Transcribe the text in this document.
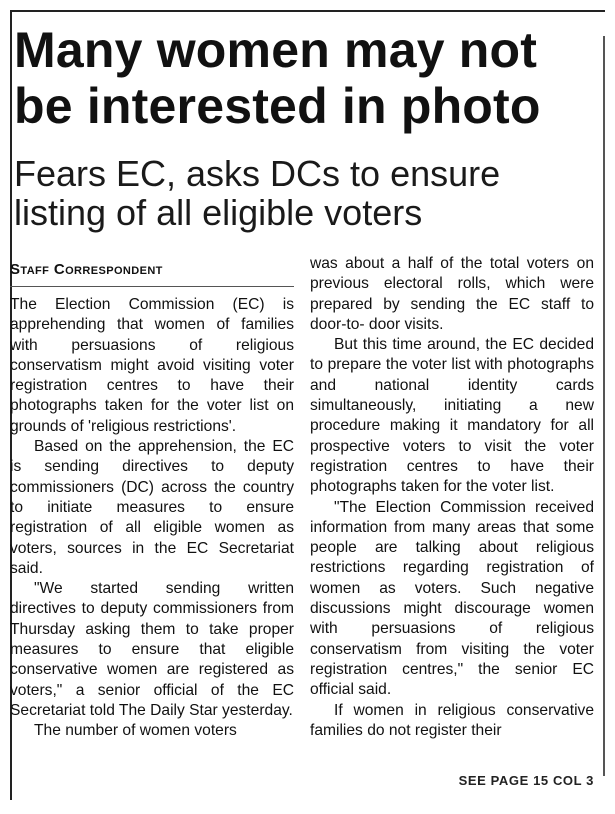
Many women may not be interested in photo
Fears EC, asks DCs to ensure listing of all eligible voters
Staff Correspondent

The Election Commission (EC) is apprehending that women of families with persuasions of religious conservatism might avoid visiting voter registration centres to have their photographs taken for the voter list on grounds of 'religious restrictions'.

Based on the apprehension, the EC is sending directives to deputy commissioners (DC) across the country to initiate measures to ensure registration of all eligible women as voters, sources in the EC Secretariat said.

"We started sending written directives to deputy commissioners from Thursday asking them to take proper measures to ensure that eligible conservative women are registered as voters," a senior official of the EC Secretariat told The Daily Star yesterday.

The number of women voters

was about a half of the total voters on previous electoral rolls, which were prepared by sending the EC staff to door-to- door visits.

But this time around, the EC decided to prepare the voter list with photographs and national identity cards simultaneously, initiating a new procedure making it mandatory for all prospective voters to visit the voter registration centres to have their photographs taken for the voter list.

"The Election Commission received information from many areas that some people are talking about religious restrictions regarding registration of women as voters. Such negative discussions might discourage women with persuasions of religious conservatism from visiting the voter registration centres," the senior EC official said.

If women in religious conservative families do not register their

SEE PAGE 15 COL 3
